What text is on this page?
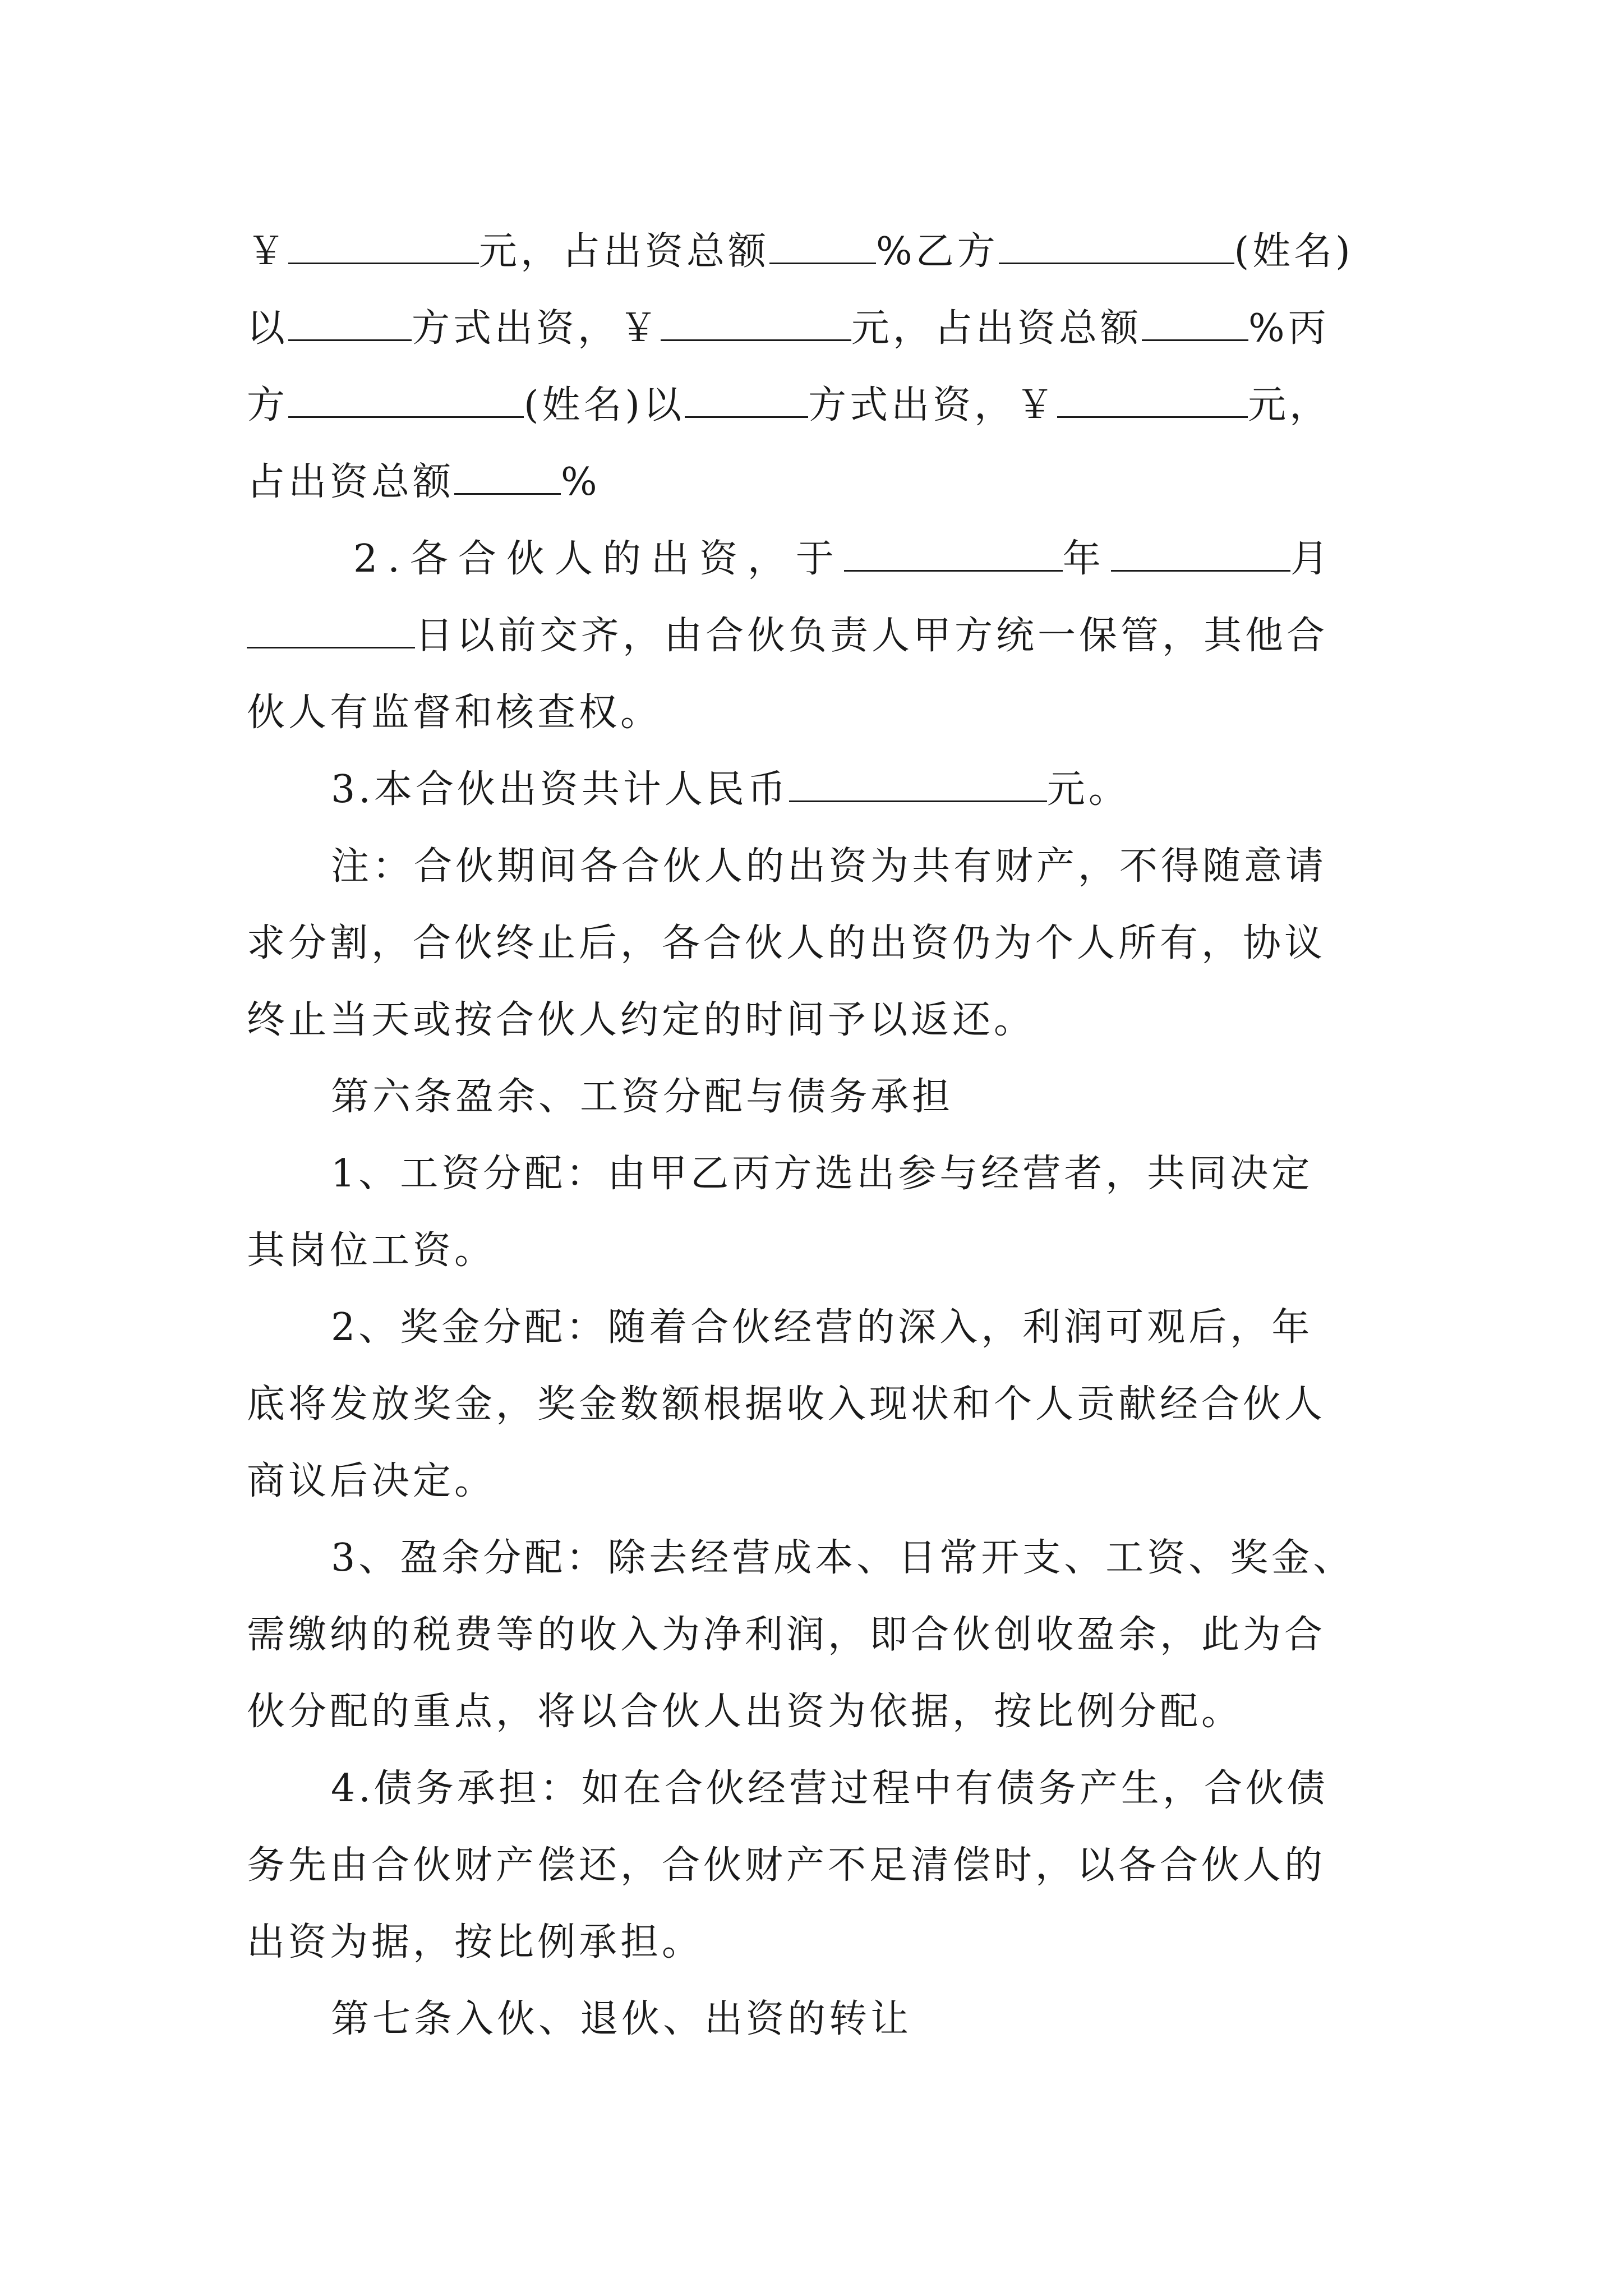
￥	元，占出资总额	%乙方	(姓名)
以	方式出资，￥	元，占出资总额	%丙
方	(姓名)以	方式出资，￥	元，
占出资总额	%
2.各合伙人的出资，于	年	月
日以前交齐，由合伙负责人甲方统一保管，其他合
伙人有监督和核查权。
3.本合伙出资共计人民币	元。
注：合伙期间各合伙人的出资为共有财产，不得随意请
求分割，合伙终止后，各合伙人的出资仍为个人所有，协议
终止当天或按合伙人约定的时间予以返还。
第六条盈余、工资分配与债务承担
1、工资分配：由甲乙丙方选出参与经营者，共同决定
其岗位工资。
2、奖金分配：随着合伙经营的深入，利润可观后，年
底将发放奖金，奖金数额根据收入现状和个人贡献经合伙人
商议后决定。
3、盈余分配：除去经营成本、日常开支、工资、奖金、
需缴纳的税费等的收入为净利润，即合伙创收盈余，此为合
伙分配的重点，将以合伙人出资为依据，按比例分配。
4.债务承担：如在合伙经营过程中有债务产生，合伙债
务先由合伙财产偿还，合伙财产不足清偿时，以各合伙人的
出资为据，按比例承担。
第七条入伙、退伙、出资的转让
